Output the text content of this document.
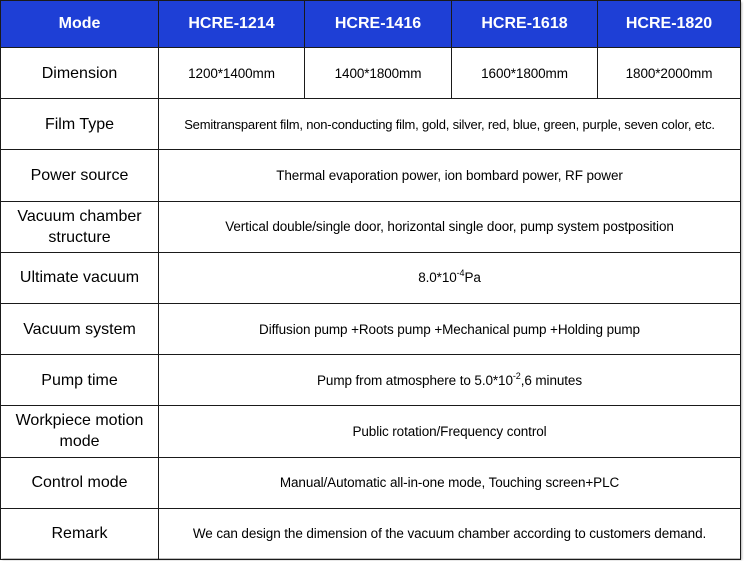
Mode	HCRE-1214	HCRE-1416	HCRE-1618	HCRE-1820
Dimension	1200*1400mm	1400*1800mm	1600*1800mm	1800*2000mm
Film Type	Semitransparent film, non-conducting film, gold, silver, red, blue, green, purple, seven color, etc.			
Power source	Thermal evaporation power, ion bombard power, RF power			
Vacuum chamber
structure	Vertical double/single door, horizontal single door, pump system postposition			
Ultimate vacuum	$8.0*10^{-4}Pa$			
Vacuum system	Diffusion pump +Roots pump +Mechanical pump +Holding pump			
Pump time	Pump from atmosphere to $5.0*10^{-2},6$ minutes			
Workpiece motion
mode	Public rotation/Frequency control			
Control mode	Manual/Automatic all-in-one mode, Touching screen+PLC			
Remark	We can design the dimension of the vacuum chamber according to customers demand.			
